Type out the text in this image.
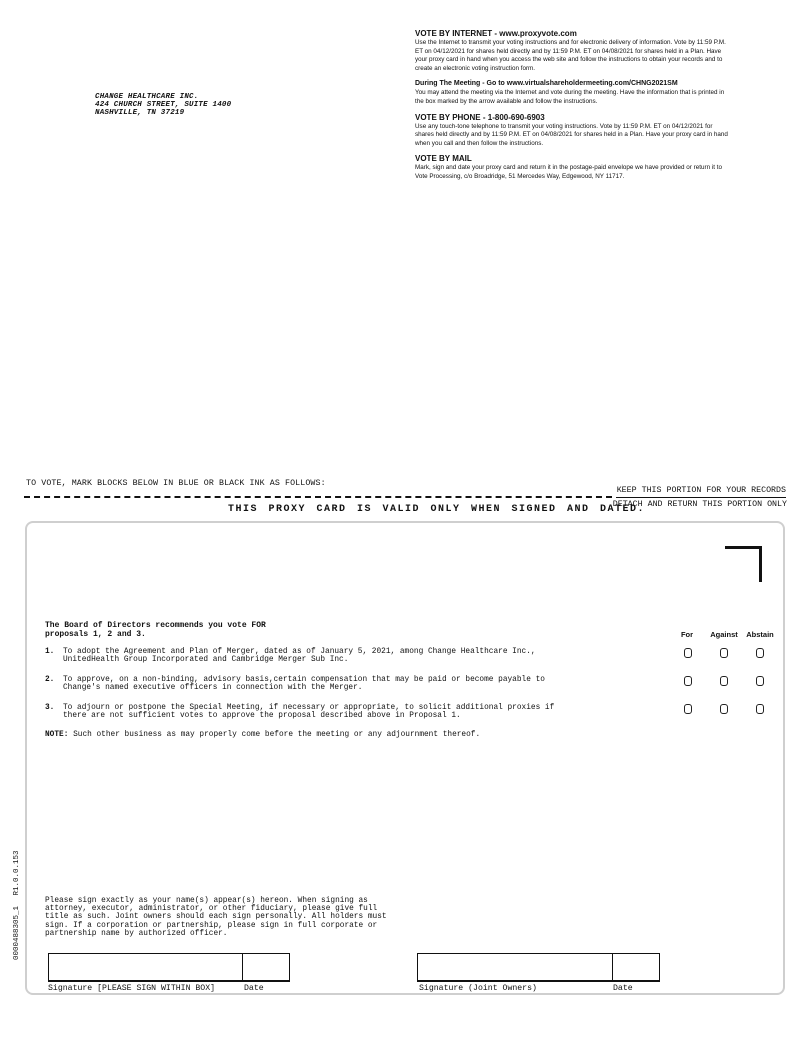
CHANGE HEALTHCARE INC.
424 CHURCH STREET, SUITE 1400
NASHVILLE, TN 37219
VOTE BY INTERNET - www.proxyvote.com
Use the Internet to transmit your voting instructions and for electronic delivery of information. Vote by 11:59 P.M. ET on 04/12/2021 for shares held directly and by 11:59 P.M. ET on 04/08/2021 for shares held in a Plan. Have your proxy card in hand when you access the web site and follow the instructions to obtain your records and to create an electronic voting instruction form.
During The Meeting - Go to www.virtualshareholdermeeting.com/CHNG2021SM
You may attend the meeting via the Internet and vote during the meeting. Have the information that is printed in the box marked by the arrow available and follow the instructions.
VOTE BY PHONE - 1-800-690-6903
Use any touch-tone telephone to transmit your voting instructions. Vote by 11:59 P.M. ET on 04/12/2021 for shares held directly and by 11:59 P.M. ET on 04/08/2021 for shares held in a Plan. Have your proxy card in hand when you call and then follow the instructions.
VOTE BY MAIL
Mark, sign and date your proxy card and return it in the postage-paid envelope we have provided or return it to Vote Processing, c/o Broadridge, 51 Mercedes Way, Edgewood, NY 11717.
TO VOTE, MARK BLOCKS BELOW IN BLUE OR BLACK INK AS FOLLOWS:
KEEP THIS PORTION FOR YOUR RECORDS
DETACH AND RETURN THIS PORTION ONLY
THIS PROXY CARD IS VALID ONLY WHEN SIGNED AND DATED.
The Board of Directors recommends you vote FOR
proposals 1, 2 and 3.	For	Against	Abstain
1. To adopt the Agreement and Plan of Merger, dated as of January 5, 2021, among Change Healthcare Inc.,
UnitedHealth Group Incorporated and Cambridge Merger Sub Inc.
2. To approve, on a non-binding, advisory basis,certain compensation that may be paid or become payable to
Change's named executive officers in connection with the Merger.
3. To adjourn or postpone the Special Meeting, if necessary or appropriate, to solicit additional proxies if
there are not sufficient votes to approve the proposal described above in Proposal 1.
NOTE: Such other business as may properly come before the meeting or any adjournment thereof.
Please sign exactly as your name(s) appear(s) hereon. When signing as
attorney, executor, administrator, or other fiduciary, please give full
title as such. Joint owners should each sign personally. All holders must
sign. If a corporation or partnership, please sign in full corporate or
partnership name by authorized officer.
Signature [PLEASE SIGN WITHIN BOX]	Date	Signature (Joint Owners)	Date
0000488305_1 R1.0.0.153
